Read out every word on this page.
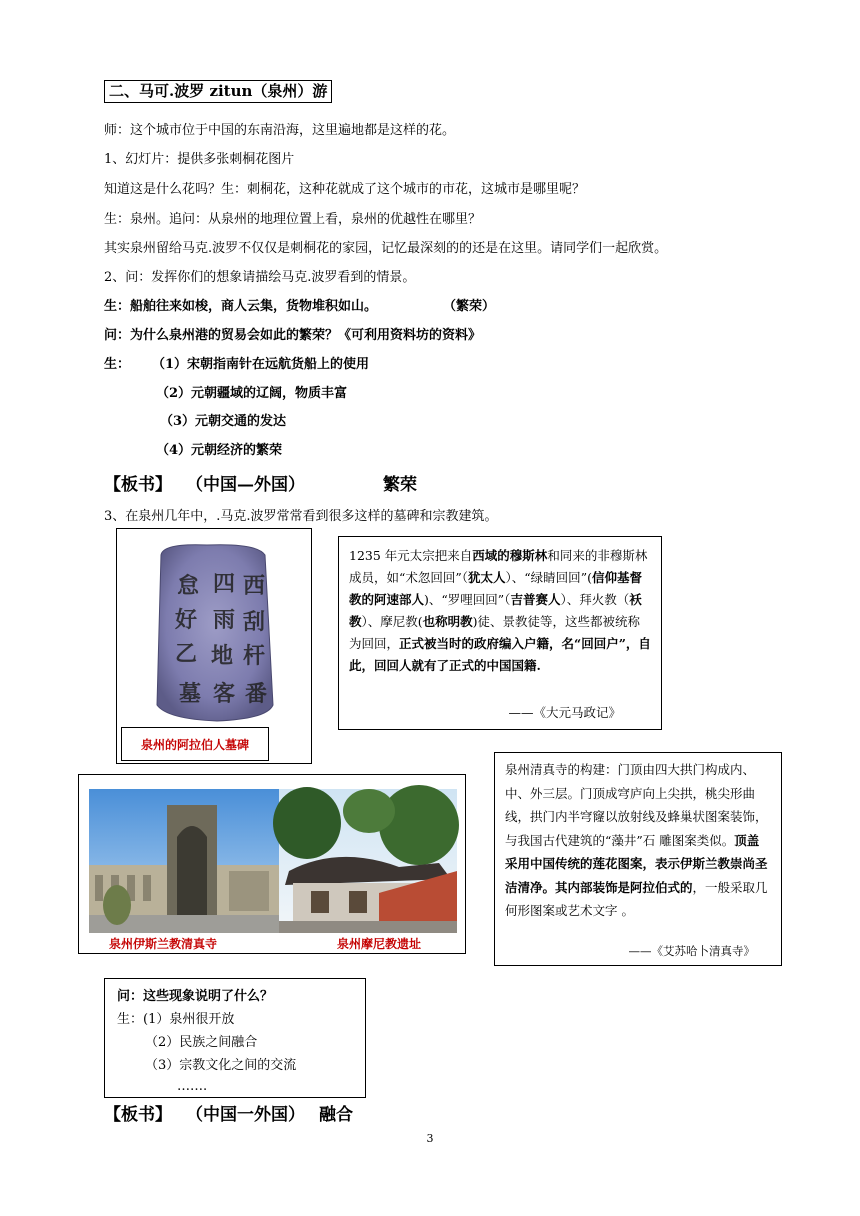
二、马可.波罗 zitun（泉州）游
师：这个城市位于中国的东南沿海，这里遍地都是这样的花。
1、幻灯片：提供多张刺桐花图片
知道这是什么花吗？生：刺桐花，这种花就成了这个城市的市花，这城市是哪里呢？
生：泉州。追问：从泉州的地理位置上看，泉州的优越性在哪里？
其实泉州留给马克.波罗不仅仅是刺桐花的家园，记忆最深刻的的还是在这里。请同学们一起欣赏。
2、问：发挥你们的想象请描绘马克.波罗看到的情景。
生：船舶往来如梭，商人云集，货物堆积如山。	（繁荣）
问：为什么泉州港的贸易会如此的繁荣？《可利用资料坊的资料》
生： （1）宋朝指南针在远航货船上的使用
（2）元朝疆域的辽阔，物质丰富
（3）元朝交通的发达
（4）元朝经济的繁荣
【板书】 （中国—外国）	繁荣
3、在泉州几年中，.马克.波罗常常看到很多这样的墓碑和宗教建筑。
怠 四 西
好 雨 刮
乙 地 杆
墓 客 番
泉州的阿拉伯人墓碑
1235 年元太宗把来自西域的穆斯林和同来的非穆斯林成员，如“术忽回回”（犹太人）、“绿睛回回”(信仰基督教的阿速部人)、“罗哩回回”（吉普赛人）、拜火教（袄教）、摩尼教(也称明教)徒、景教徒等，这些都被统称为回回，正式被当时的政府编入户籍，名“回回户”，自此，回回人就有了正式的中国国籍.
——《大元马政记》
泉州伊斯兰教清真寺	泉州摩尼教遗址
泉州清真寺的构建：门顶由四大拱门构成内、中、外三层。门顶成穹庐向上尖拱，桃尖形曲线，拱门内半穹窿以放射线及蜂巢状图案装饰，与我国古代建筑的“藻井”石 雕图案类似。顶盖采用中国传统的莲花图案，表示伊斯兰教崇尚圣洁清净。其内部装饰是阿拉伯式的，一般采取几何形图案或艺术文字 。
——《艾苏哈卜清真寺》
问：这些现象说明了什么？
生：(1）泉州很开放
（2）民族之间融合
（3）宗教文化之间的交流
…….
【板书】 （中国一外国） 融合
3
